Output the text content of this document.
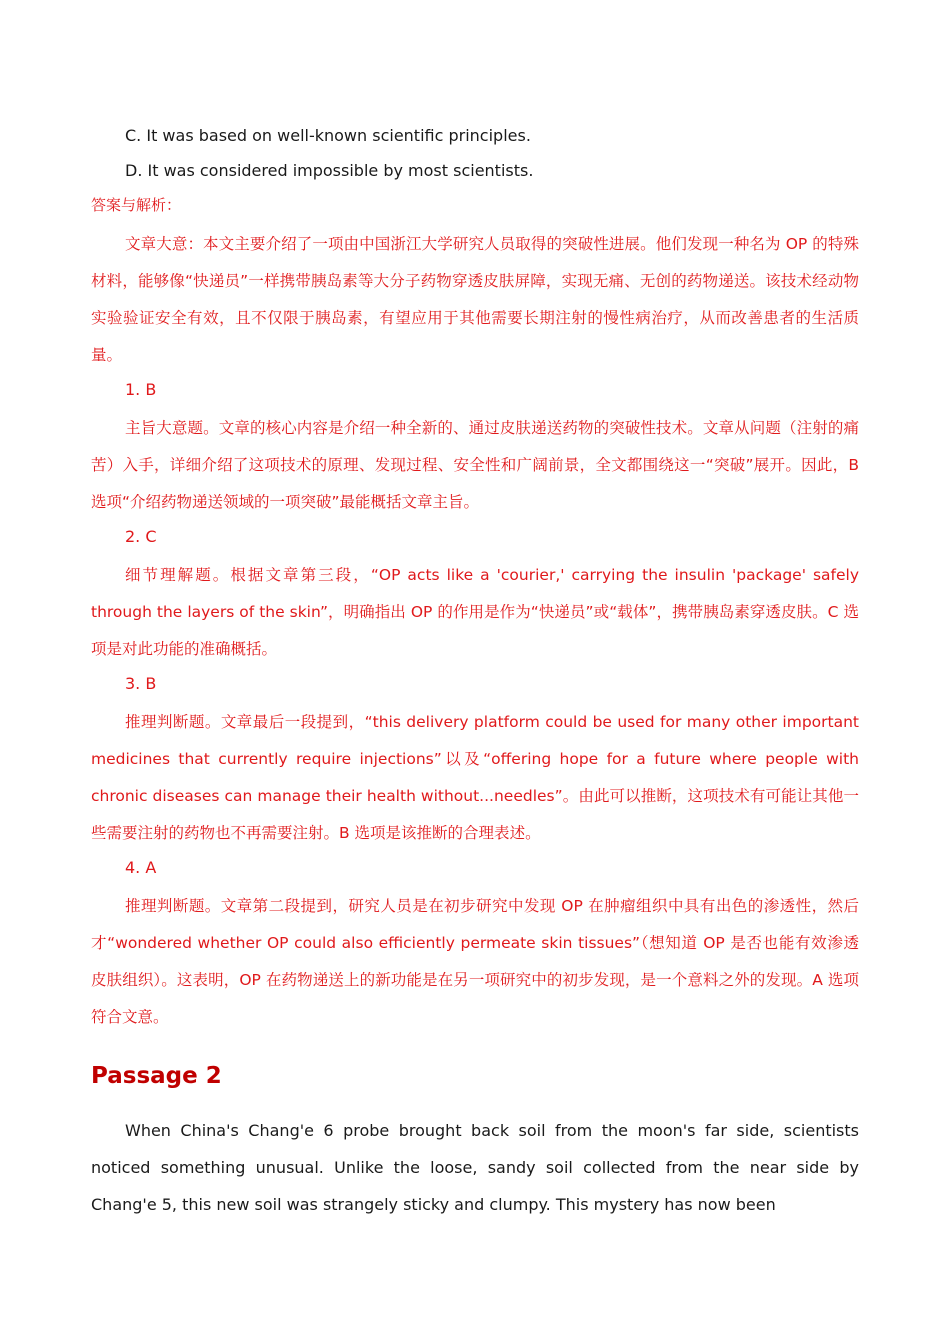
C. It was based on well-known scientific principles.

D. It was considered impossible by most scientists.

答案与解析：

文章大意：本文主要介绍了一项由中国浙江大学研究人员取得的突破性进展。他们发现一种名为 OP 的特殊材料，能够像“快递员”一样携带胰岛素等大分子药物穿透皮肤屏障，实现无痛、无创的药物递送。该技术经动物实验验证安全有效，且不仅限于胰岛素，有望应用于其他需要长期注射的慢性病治疗，从而改善患者的生活质量。

1. B

主旨大意题。文章的核心内容是介绍一种全新的、通过皮肤递送药物的突破性技术。文章从问题（注射的痛苦）入手，详细介绍了这项技术的原理、发现过程、安全性和广阔前景，全文都围绕这一“突破”展开。因此，B 选项“介绍药物递送领域的一项突破”最能概括文章主旨。

2. C

细节理解题。根据文章第三段，“OP acts like a 'courier,' carrying the insulin 'package' safely through the layers of the skin”，明确指出 OP 的作用是作为“快递员”或“载体”，携带胰岛素穿透皮肤。C 选项是对此功能的准确概括。

3. B

推理判断题。文章最后一段提到，“this delivery platform could be used for many other important medicines that currently require injections”以及“offering hope for a future where people with chronic diseases can manage their health without...needles”。由此可以推断，这项技术有可能让其他一些需要注射的药物也不再需要注射。B 选项是该推断的合理表述。

4. A

推理判断题。文章第二段提到，研究人员是在初步研究中发现 OP 在肿瘤组织中具有出色的渗透性，然后才“wondered whether OP could also efficiently permeate skin tissues”（想知道 OP 是否也能有效渗透皮肤组织）。这表明，OP 在药物递送上的新功能是在另一项研究中的初步发现，是一个意料之外的发现。A 选项符合文意。

Passage 2

When China's Chang'e 6 probe brought back soil from the moon's far side, scientists noticed something unusual. Unlike the loose, sandy soil collected from the near side by Chang'e 5, this new soil was strangely sticky and clumpy. This mystery has now been
